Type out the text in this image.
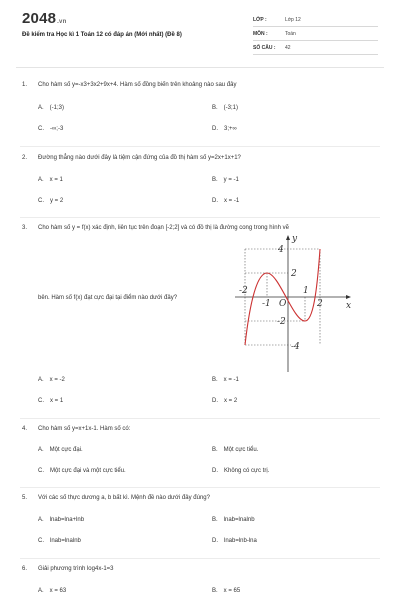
2048.vn
Đề kiểm tra Học kì 1 Toán 12 có đáp án (Mới nhất) (Đề 8)
LỚP :	Lớp 12
MÔN :	Toán
SỐ CÂU : 42
1. Cho hàm số y=-x3+3x2+9x+4. Hàm số đồng biến trên khoảng nào sau đây
A. (-1;3)	B. (-3;1)
C. -∞;-3	D. 3;+∞
2. Đường thẳng nào dưới đây là tiệm cận đứng của đồ thị hàm số y=2x+1x+1?
A. x = 1	B. y = -1
C. y = 2	D. x = -1
3. Cho hàm số y = f(x) xác định, liên tục trên đoạn [-2;2] và có đồ thị là đường cong trong hình vẽ
bên. Hàm số f(x) đạt cực đại tại điểm nào dưới đây?
y
x
O
-2
-1
1
2
4
2
-2
-4
A. x = -2	B. x = -1
C. x = 1	D. x = 2
4. Cho hàm số y=x+1x-1. Hàm số có:
A. Một cực đại.	B. Một cực tiểu.
C. Một cực đại và một cực tiểu.	D. Không có cực trị.
5. Với các số thực dương a, b bất kì. Mệnh đề nào dưới đây đúng?
A. lnab=lna+lnb	B. lnab=lnalnb
C. lnab=lnalnb	D. lnab=lnb-lna
6. Giải phương trình log4x-1=3
A. x = 63	B. x = 65
